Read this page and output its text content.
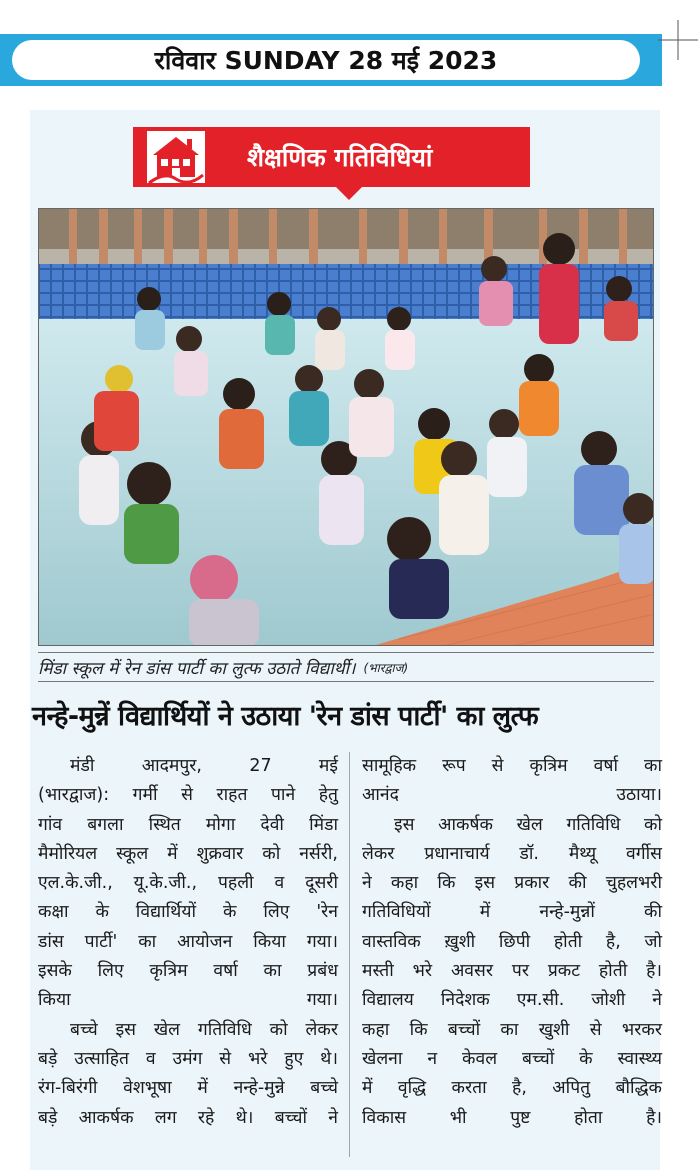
रविवार SUNDAY 28 मई 2023
शैक्षणिक गतिविधियां
मिंडा स्कूल में रेन डांस पार्टी का लुत्फ उठाते विद्यार्थी। (भारद्वाज)
नन्हे-मुन्नें विद्यार्थियों ने उठाया 'रेन डांस पार्टी' का लुत्फ

मंडी आदमपुर, 27 मई
(भारद्वाज): गर्मी से राहत पाने हेतु
गांव बगला स्थित मोगा देवी मिंडा
मैमोरियल स्कूल में शुक्रवार को नर्सरी,
एल.के.जी., यू.के.जी., पहली व दूसरी
कक्षा के विद्यार्थियों के लिए 'रेन
डांस पार्टी' का आयोजन किया गया।
इसके लिए कृत्रिम वर्षा का प्रबंध
किया गया।
बच्चे इस खेल गतिविधि को लेकर
बड़े उत्साहित व उमंग से भरे हुए थे।
रंग-बिरंगी वेशभूषा में नन्हे-मुन्ने बच्चे
बड़े आकर्षक लग रहे थे। बच्चों ने

सामूहिक रूप से कृत्रिम वर्षा का
आनंद उठाया।
इस आकर्षक खेल गतिविधि को
लेकर प्रधानाचार्य डॉ. मैथ्यू वर्गीस
ने कहा कि इस प्रकार की चुहलभरी
गतिविधियों में नन्हे-मुन्नों की
वास्तविक ख़ुशी छिपी होती है, जो
मस्ती भरे अवसर पर प्रकट होती है।
विद्यालय निदेशक एम.सी. जोशी ने
कहा कि बच्चों का खुशी से भरकर
खेलना न केवल बच्चों के स्वास्थ्य
में वृद्धि करता है, अपितु बौद्धिक
विकास भी पुष्ट होता है।
